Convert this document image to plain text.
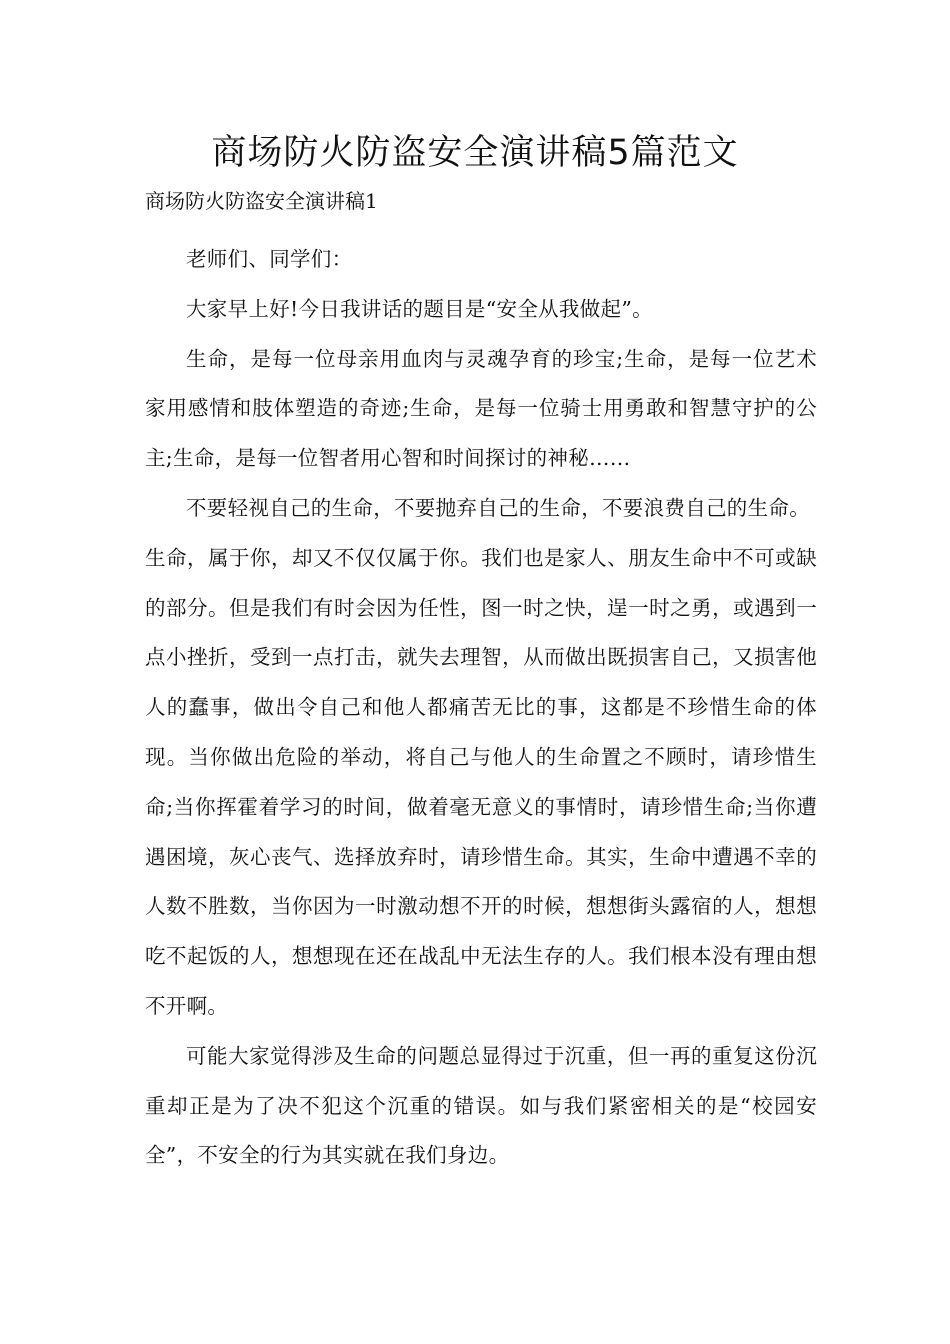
商场防火防盗安全演讲稿5篇范文
商场防火防盗安全演讲稿1

老师们、同学们：

大家早上好!今日我讲话的题目是“安全从我做起”。

生命，是每一位母亲用血肉与灵魂孕育的珍宝;生命，是每一位艺术家用感情和肢体塑造的奇迹;生命，是每一位骑士用勇敢和智慧守护的公主;生命，是每一位智者用心智和时间探讨的神秘……

不要轻视自己的生命，不要抛弃自己的生命，不要浪费自己的生命。

生命，属于你，却又不仅仅属于你。我们也是家人、朋友生命中不可或缺的部分。但是我们有时会因为任性，图一时之快，逞一时之勇，或遇到一点小挫折，受到一点打击，就失去理智，从而做出既损害自己，又损害他人的蠢事，做出令自己和他人都痛苦无比的事，这都是不珍惜生命的体现。当你做出危险的举动，将自己与他人的生命置之不顾时，请珍惜生命;当你挥霍着学习的时间，做着毫无意义的事情时，请珍惜生命;当你遭遇困境，灰心丧气、选择放弃时，请珍惜生命。其实，生命中遭遇不幸的人数不胜数，当你因为一时激动想不开的时候，想想街头露宿的人，想想吃不起饭的人，想想现在还在战乱中无法生存的人。我们根本没有理由想不开啊。

可能大家觉得涉及生命的问题总显得过于沉重，但一再的重复这份沉重却正是为了决不犯这个沉重的错误。如与我们紧密相关的是“校园安全”，不安全的行为其实就在我们身边。
